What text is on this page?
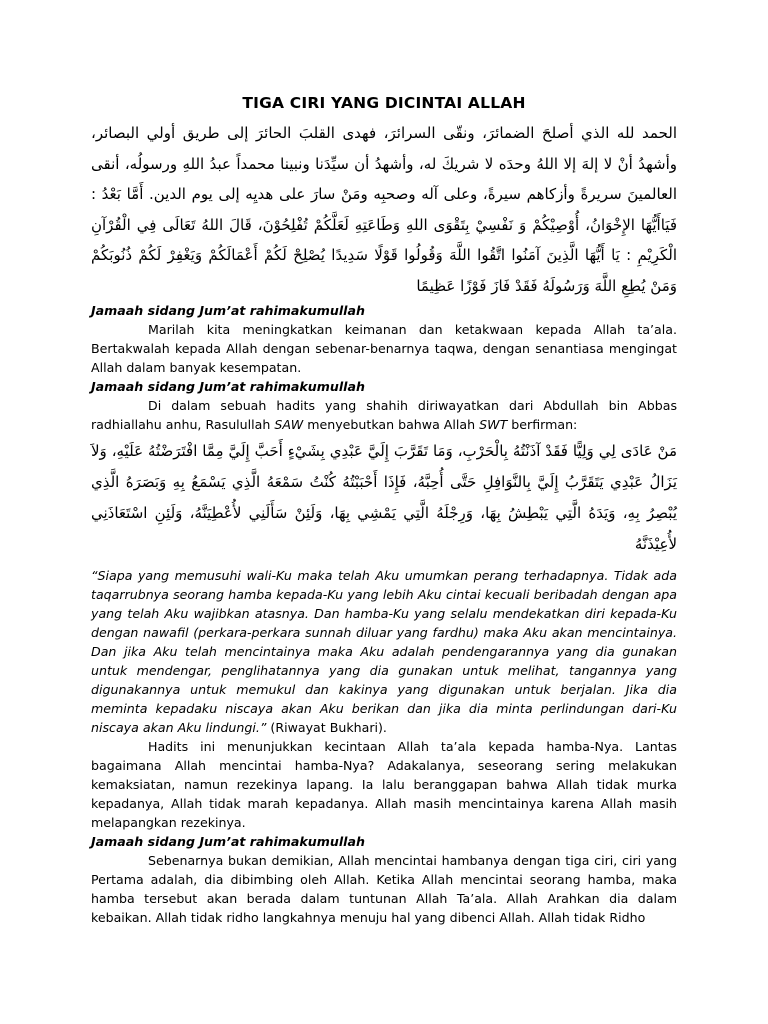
TIGA CIRI YANG DICINTAI ALLAH

الحمد لله الذي أصلحَ الضمائرَ، ونقّى السرائرَ، فهدى القلبَ الحائرَ إلى طريق أولي البصائر، وأشهدُ أنْ لا إلهَ إلا اللهُ وحدَه لا شريكَ له، وأشهدُ أن سيِّدَنا ونبينا محمداً عبدُ اللهِ ورسولُه، أنقى العالمينَ سريرةً وأزكاهم سيرةً، وعلى آله وصحبِه ومَنْ سارَ على هديِه إلى يوم الدين. أَمَّا بَعْدُ : فَيَاأَيُّهَا الإِخْوَانُ، أُوْصِيْكُمْ وَ نَفْسِيْ بِتَقْوَى اللهِ وَطَاعَتِهِ لَعَلَّكُمْ تُفْلِحُوْنَ، قَالَ اللهُ تَعَالَى فِي الْقُرْآنِ الْكَرِيْمِ : يَا أَيُّهَا الَّذِينَ آمَنُوا اتَّقُوا اللَّهَ وَقُولُوا قَوْلًا سَدِيدًا يُصْلِحْ لَكُمْ أَعْمَالَكُمْ وَيَغْفِرْ لَكُمْ ذُنُوبَكُمْ وَمَنْ يُطِعِ اللَّهَ وَرَسُولَهُ فَقَدْ فَازَ فَوْزًا عَظِيمًا

Jamaah sidang Jum’at rahimakumullah

Marilah kita meningkatkan keimanan dan ketakwaan kepada Allah ta’ala. Bertakwalah kepada Allah dengan sebenar-benarnya taqwa, dengan senantiasa mengingat Allah dalam banyak kesempatan.

Jamaah sidang Jum’at rahimakumullah

Di dalam sebuah hadits yang shahih diriwayatkan dari Abdullah bin Abbas radhiallahu anhu, Rasulullah SAW menyebutkan bahwa Allah SWT berfirman:

مَنْ عَادَى لِي وَلِيًّا فَقَدْ آذَنْتُهُ بِالْحَرْبِ، وَمَا تَقَرَّبَ إِلَيَّ عَبْدِي بِشَيْءٍ أَحَبَّ إِلَيَّ مِمَّا افْتَرَضْتُهُ عَلَيْهِ، وَلاَ يَزَالُ عَبْدِي يَتَقَرَّبُ إِلَيَّ بِالنَّوَافِلِ حَتَّى أُحِبَّهُ، فَإِذَا أَحْبَبْتُهُ كُنْتُ سَمْعَهُ الَّذِي يَسْمَعُ بِهِ وَبَصَرَهُ الَّذِي يُبْصِرُ بِهِ، وَيَدَهُ الَّتِي يَبْطِشُ بِهَا، وَرِجْلَهُ الَّتِي يَمْشِي بِهَا، وَلَئِنْ سَأَلَنِي لأُعْطِيَنَّهُ، وَلَئِنِ اسْتَعَاذَنِي لأُعِيْذَنَّهُ

“Siapa yang memusuhi wali-Ku maka telah Aku umumkan perang terhadapnya. Tidak ada taqarrubnya seorang hamba kepada-Ku yang lebih Aku cintai kecuali beribadah dengan apa yang telah Aku wajibkan atasnya. Dan hamba-Ku yang selalu mendekatkan diri kepada-Ku dengan nawafil (perkara-perkara sunnah diluar yang fardhu) maka Aku akan mencintainya. Dan jika Aku telah mencintainya maka Aku adalah pendengarannya yang dia gunakan untuk mendengar, penglihatannya yang dia gunakan untuk melihat, tangannya yang digunakannya untuk memukul dan kakinya yang digunakan untuk berjalan. Jika dia meminta kepadaku niscaya akan Aku berikan dan jika dia minta perlindungan dari-Ku niscaya akan Aku lindungi.” (Riwayat Bukhari).

Hadits ini menunjukkan kecintaan Allah ta’ala kepada hamba-Nya. Lantas bagaimana Allah mencintai hamba-Nya? Adakalanya, seseorang sering melakukan kemaksiatan, namun rezekinya lapang. Ia lalu beranggapan bahwa Allah tidak murka kepadanya, Allah tidak marah kepadanya. Allah masih mencintainya karena Allah masih melapangkan rezekinya.

Jamaah sidang Jum’at rahimakumullah

Sebenarnya bukan demikian, Allah mencintai hambanya dengan tiga ciri, ciri yang Pertama adalah, dia dibimbing oleh Allah. Ketika Allah mencintai seorang hamba, maka hamba tersebut akan berada dalam tuntunan Allah Ta’ala. Allah Arahkan dia dalam kebaikan. Allah tidak ridho langkahnya menuju hal yang dibenci Allah. Allah tidak Ridho
